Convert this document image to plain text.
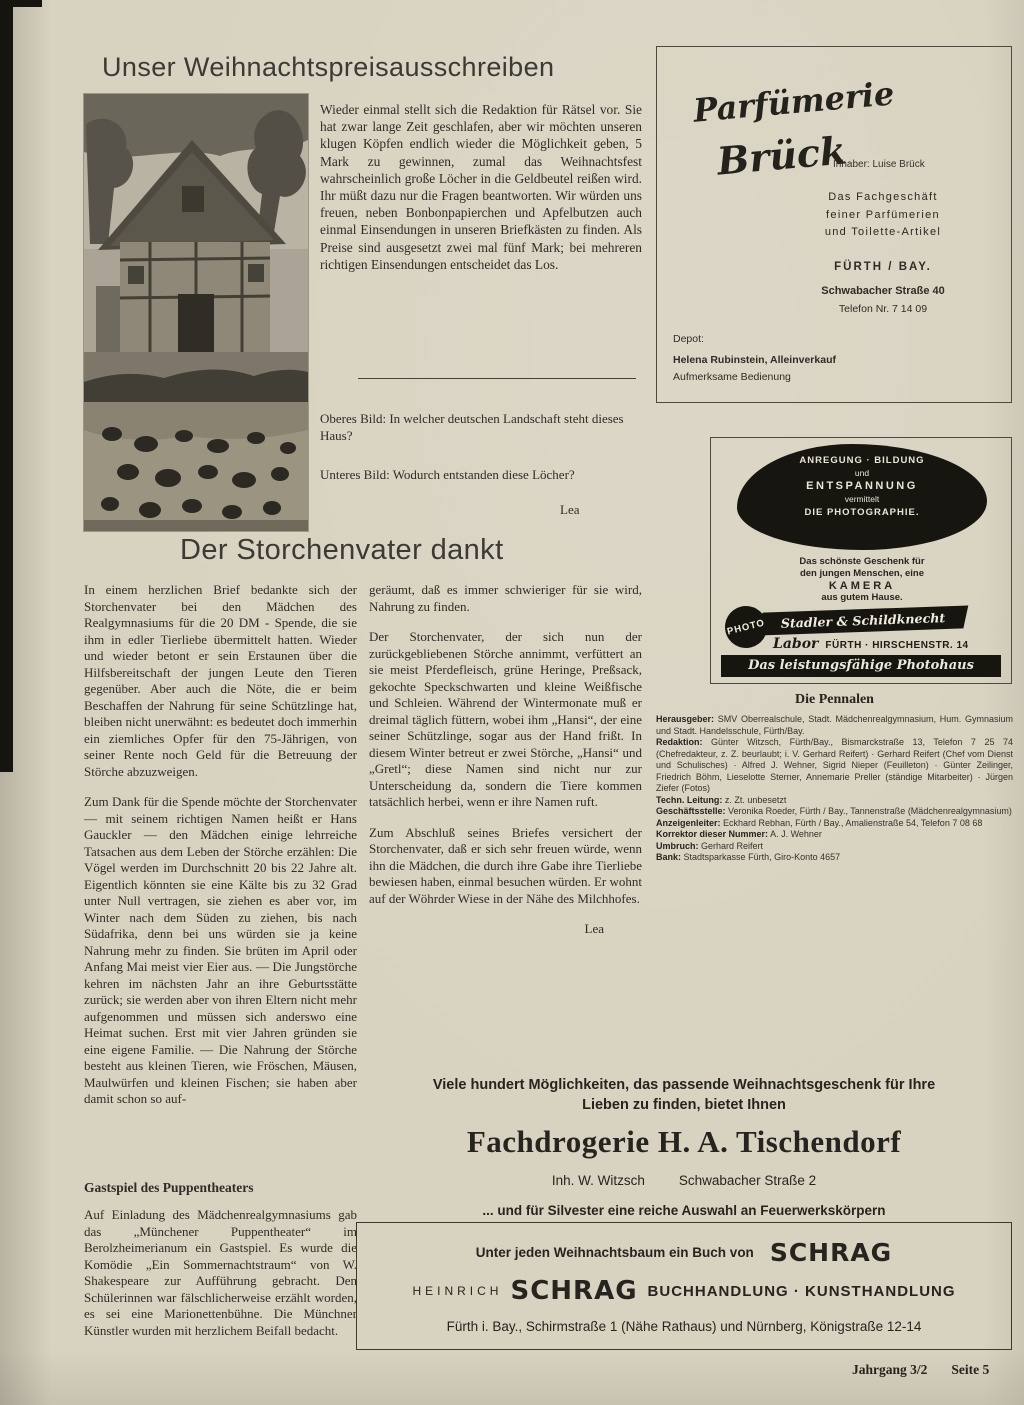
Unser Weihnachtspreisausschreiben

Wieder einmal stellt sich die Redaktion für Rätsel vor. Sie hat zwar lange Zeit geschlafen, aber wir möchten unseren klugen Köpfen endlich wieder die Möglichkeit geben, 5 Mark zu gewinnen, zumal das Weihnachtsfest wahrscheinlich große Löcher in die Geldbeutel reißen wird. Ihr müßt dazu nur die Fragen beantworten. Wir würden uns freuen, neben Bonbonpapierchen und Apfelbutzen auch einmal Einsendungen in unseren Briefkästen zu finden. Als Preise sind ausgesetzt zwei mal fünf Mark; bei mehreren richtigen Einsendungen entscheidet das Los.

Oberes Bild: In welcher deutschen Landschaft steht dieses Haus?

Unteres Bild: Wodurch entstanden diese Löcher?

Lea
Der Storchenvater dankt

In einem herzlichen Brief bedankte sich der Storchenvater bei den Mädchen des Realgymnasiums für die 20 DM - Spende, die sie ihm in edler Tierliebe übermittelt hatten. Wieder und wieder betont er sein Erstaunen über die Hilfsbereitschaft der jungen Leute den Tieren gegenüber. Aber auch die Nöte, die er beim Beschaffen der Nahrung für seine Schützlinge hat, bleiben nicht unerwähnt: es bedeutet doch immerhin ein ziemliches Opfer für den 75-Jährigen, von seiner Rente noch Geld für die Betreuung der Störche abzuzweigen.

Zum Dank für die Spende möchte der Storchenvater — mit seinem richtigen Namen heißt er Hans Gauckler — den Mädchen einige lehrreiche Tatsachen aus dem Leben der Störche erzählen: Die Vögel werden im Durchschnitt 20 bis 22 Jahre alt. Eigentlich könnten sie eine Kälte bis zu 32 Grad unter Null vertragen, sie ziehen es aber vor, im Winter nach dem Süden zu ziehen, bis nach Südafrika, denn bei uns würden sie ja keine Nahrung mehr zu finden. Sie brüten im April oder Anfang Mai meist vier Eier aus. — Die Jungstörche kehren im nächsten Jahr an ihre Geburtsstätte zurück; sie werden aber von ihren Eltern nicht mehr aufgenommen und müssen sich anderswo eine Heimat suchen. Erst mit vier Jahren gründen sie eine eigene Familie. — Die Nahrung der Störche besteht aus kleinen Tieren, wie Fröschen, Mäusen, Maulwürfen und kleinen Fischen; sie haben aber damit schon so auf-

geräumt, daß es immer schwieriger für sie wird, Nahrung zu finden.

Der Storchenvater, der sich nun der zurückgebliebenen Störche annimmt, verfüttert an sie meist Pferdefleisch, grüne Heringe, Preßsack, gekochte Speckschwarten und kleine Weißfische und Schleien. Während der Wintermonate muß er dreimal täglich füttern, wobei ihm „Hansi“, der eine seiner Schützlinge, sogar aus der Hand frißt. In diesem Winter betreut er zwei Störche, „Hansi“ und „Gretl“; diese Namen sind nicht nur zur Unterscheidung da, sondern die Tiere kommen tatsächlich herbei, wenn er ihre Namen ruft.

Zum Abschluß seines Briefes versichert der Storchenvater, daß er sich sehr freuen würde, wenn ihn die Mädchen, die durch ihre Gabe ihre Tierliebe bewiesen haben, einmal besuchen würden. Er wohnt auf der Wöhrder Wiese in der Nähe des Milchhofes.

Lea

Gastspiel des Puppentheaters

Auf Einladung des Mädchenrealgymnasiums gab das „Münchener Puppentheater“ im Berolzheimerianum ein Gastspiel. Es wurde die Komödie „Ein Sommernachtstraum“ von W. Shakespeare zur Aufführung gebracht. Den Schülerinnen war fälschlicherweise erzählt worden, es sei eine Marionettenbühne. Die Münchner Künstler wurden mit herzlichem Beifall bedacht.

Parfümerie
Brück
Inhaber: Luise Brück
Das Fachgeschäft
feiner Parfümerien
und Toilette-Artikel
FÜRTH / BAY.
Schwabacher Straße 40
Telefon Nr. 7 14 09
Depot:
Helena Rubinstein, Alleinverkauf
Aufmerksame Bedienung
ANREGUNG · BILDUNG
und
ENTSPANNUNG
vermittelt
DIE PHOTOGRAPHIE.
Das schönste Geschenk für
den jungen Menschen, eine
KAMERA
aus gutem Hause.
PHOTO	Stadler & Schildknecht
Labor FÜRTH · HIRSCHENSTR. 14
Das leistungsfähige Photohaus
Die Pennalen

Herausgeber: SMV Oberrealschule, Stadt. Mädchenrealgymnasium, Hum. Gymnasium und Stadt. Handelsschule, Fürth/Bay.

Redaktion: Günter Witzsch, Fürth/Bay., Bismarckstraße 13, Telefon 7 25 74 (Chefredakteur, z. Z. beurlaubt; i. V. Gerhard Reifert) · Gerhard Reifert (Chef vom Dienst und Schulisches) · Alfred J. Wehner, Sigrid Nieper (Feuilleton) · Günter Zeilinger, Friedrich Böhm, Lieselotte Sterner, Annemarie Preller (ständige Mitarbeiter) · Jürgen Ziefer (Fotos)

Techn. Leitung: z. Zt. unbesetzt

Geschäftsstelle: Veronika Roeder, Fürth / Bay., Tannenstraße (Mädchenrealgymnasium)

Anzeigenleiter: Eckhard Rebhan, Fürth / Bay., Amalienstraße 54, Telefon 7 08 68

Korrektor dieser Nummer: A. J. Wehner

Umbruch: Gerhard Reifert

Bank: Stadtsparkasse Fürth, Giro-Konto 4657

Viele hundert Möglichkeiten, das passende Weihnachtsgeschenk für Ihre Lieben zu finden, bietet Ihnen
Fachdrogerie H. A. Tischendorf
Inh. W. Witzsch	Schwabacher Straße 2
... und für Silvester eine reiche Auswahl an Feuerwerkskörpern
Unter jeden Weihnachtsbaum ein Buch von SCHRAG
$^{HEINRICH}$ SCHRAG BUCHHANDLUNG · KUNSTHANDLUNG
Fürth i. Bay., Schirmstraße 1 (Nähe Rathaus) und Nürnberg, Königstraße 12-14
Jahrgang 3/2 Seite 5
